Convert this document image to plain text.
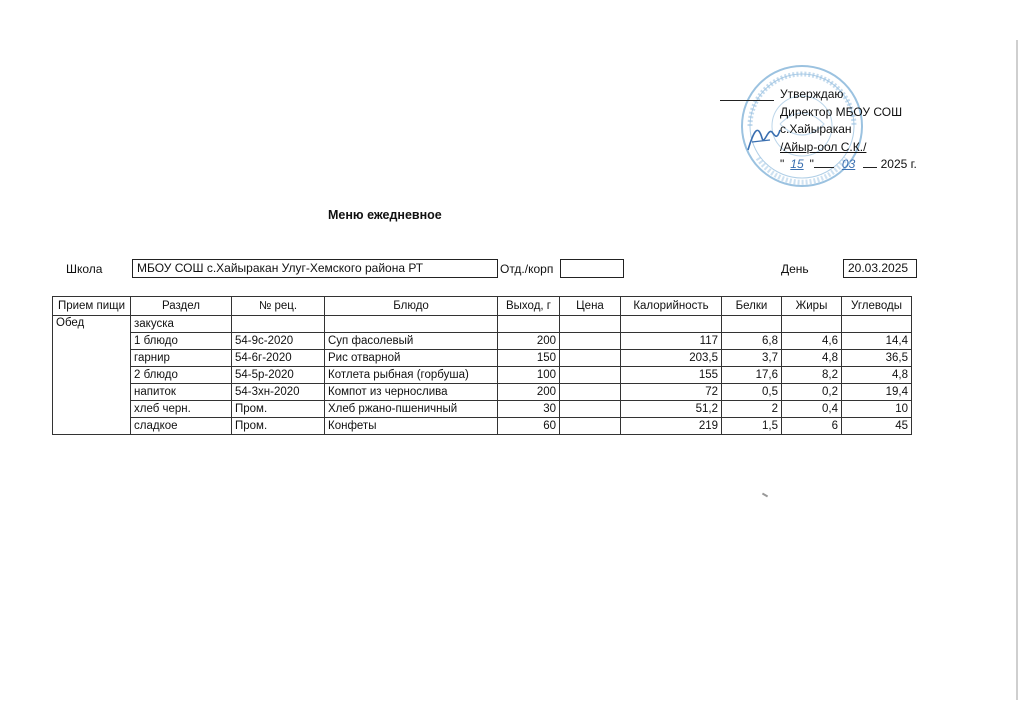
Утверждаю
Директор МБОУ СОШ
с.Хайыракан
/Айыр-оол С.К./
" 15 " 03 2025 г.
Меню ежедневное
Школа	МБОУ СОШ с.Хайыракан Улуг-Хемского района РТ	Отд./корп	День	20.03.2025
Прием пищи	Раздел	№ рец.	Блюдо	Выход, г	Цена	Калорийность	Белки	Жиры	Углеводы
Обед	закуска								
	1 блюдо	54-9с-2020	Суп фасолевый	200		117	6,8	4,6	14,4
	гарнир	54-6г-2020	Рис отварной	150		203,5	3,7	4,8	36,5
	2 блюдо	54-5р-2020	Котлета рыбная (горбуша)	100		155	17,6	8,2	4,8
	напиток	54-3хн-2020	Компот из чернослива	200		72	0,5	0,2	19,4
	хлеб черн.	Пром.	Хлеб ржано-пшеничный	30		51,2	2	0,4	10
	сладкое	Пром.	Конфеты	60		219	1,5	6	45
